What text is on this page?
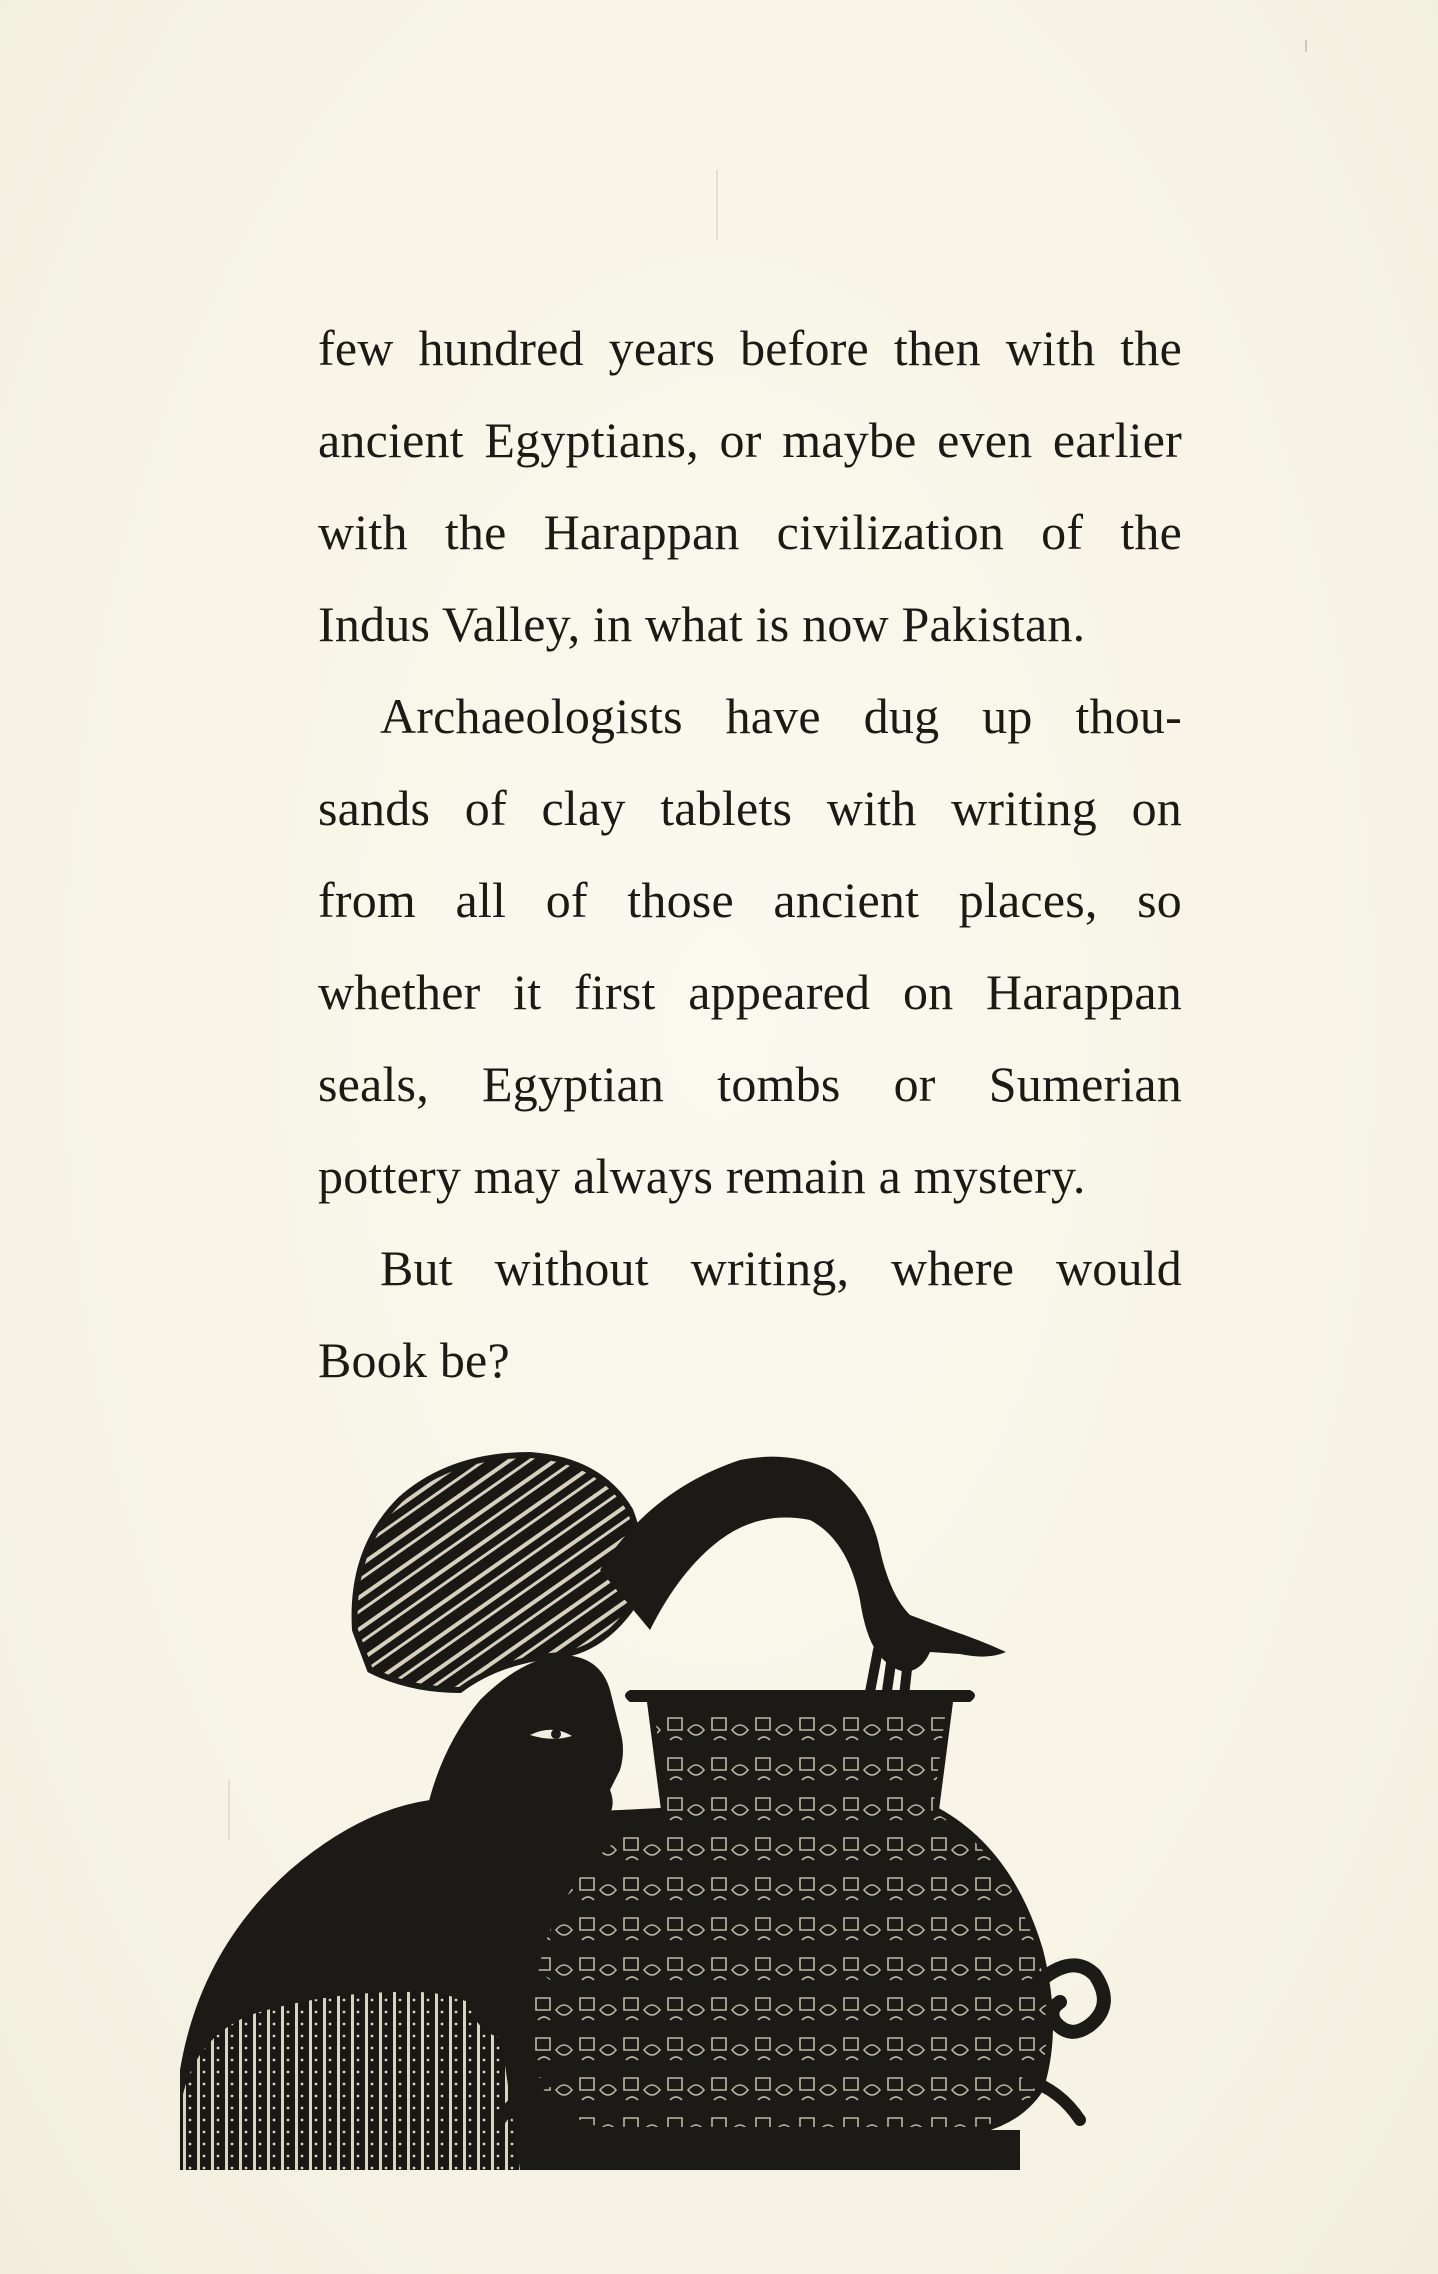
few hundred years before then with the
ancient Egyptians, or maybe even earlier
with the Harappan civilization of the
Indus Valley, in what is now Pakistan.

Archaeologists have dug up thou-
sands of clay tablets with writing on
from all of those ancient places, so
whether it first appeared on Harappan
seals, Egyptian tombs or Sumerian
pottery may always remain a mystery.

But without writing, where would
Book be?
